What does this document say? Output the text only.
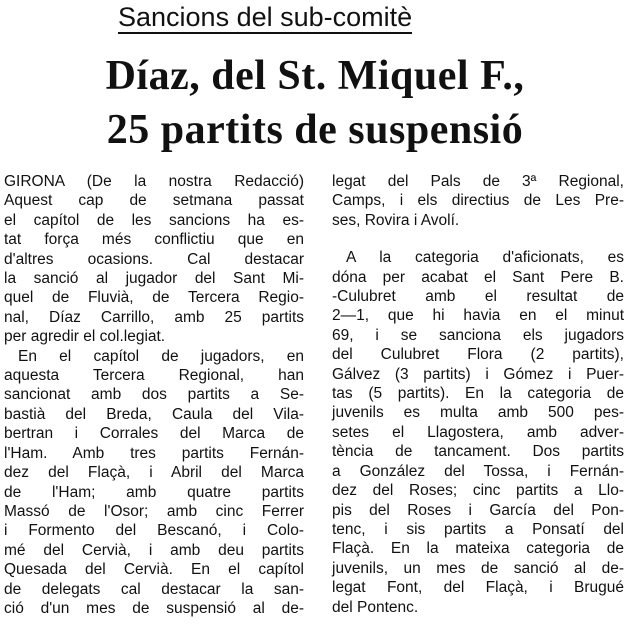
Sancions del sub-comitè
Díaz, del St. Miquel F.,
25 partits de suspensió
GIRONA (De la nostra Redacció)
Aquest cap de setmana passat
el capítol de les sancions ha es-
tat força més conflictiu que en
d'altres ocasions. Cal destacar
la sanció al jugador del Sant Mi-
quel de Fluvià, de Tercera Regio-
nal, Díaz Carrillo, amb 25 partits
per agredir el col.legiat.
En el capítol de jugadors, en
aquesta Tercera Regional, han
sancionat amb dos partits a Se-
bastià del Breda, Caula del Vila-
bertran i Corrales del Marca de
l'Ham. Amb tres partits Fernán-
dez del Flaçà, i Abril del Marca
de l'Ham; amb quatre partits
Massó de l'Osor; amb cinc Ferrer
i Formento del Bescanó, i Colo-
mé del Cervià, i amb deu partits
Quesada del Cervià. En el capítol
de delegats cal destacar la san-
ció d'un mes de suspensió al de-
legat del Pals de 3ª Regional,
Camps, i els directius de Les Pre-
ses, Rovira i Avolí.
A la categoria d'aficionats, es
dóna per acabat el Sant Pere B.
-Culubret amb el resultat de
2—1, que hi havia en el minut
69, i se sanciona els jugadors
del Culubret Flora (2 partits),
Gálvez (3 partits) i Gómez i Puer-
tas (5 partits). En la categoria de
juvenils es multa amb 500 pes-
setes el Llagostera, amb adver-
tència de tancament. Dos partits
a González del Tossa, i Fernán-
dez del Roses; cinc partits a Llo-
pis del Roses i García del Pon-
tenc, i sis partits a Ponsatí del
Flaçà. En la mateixa categoria de
juvenils, un mes de sanció al de-
legat Font, del Flaçà, i Brugué
del Pontenc.
